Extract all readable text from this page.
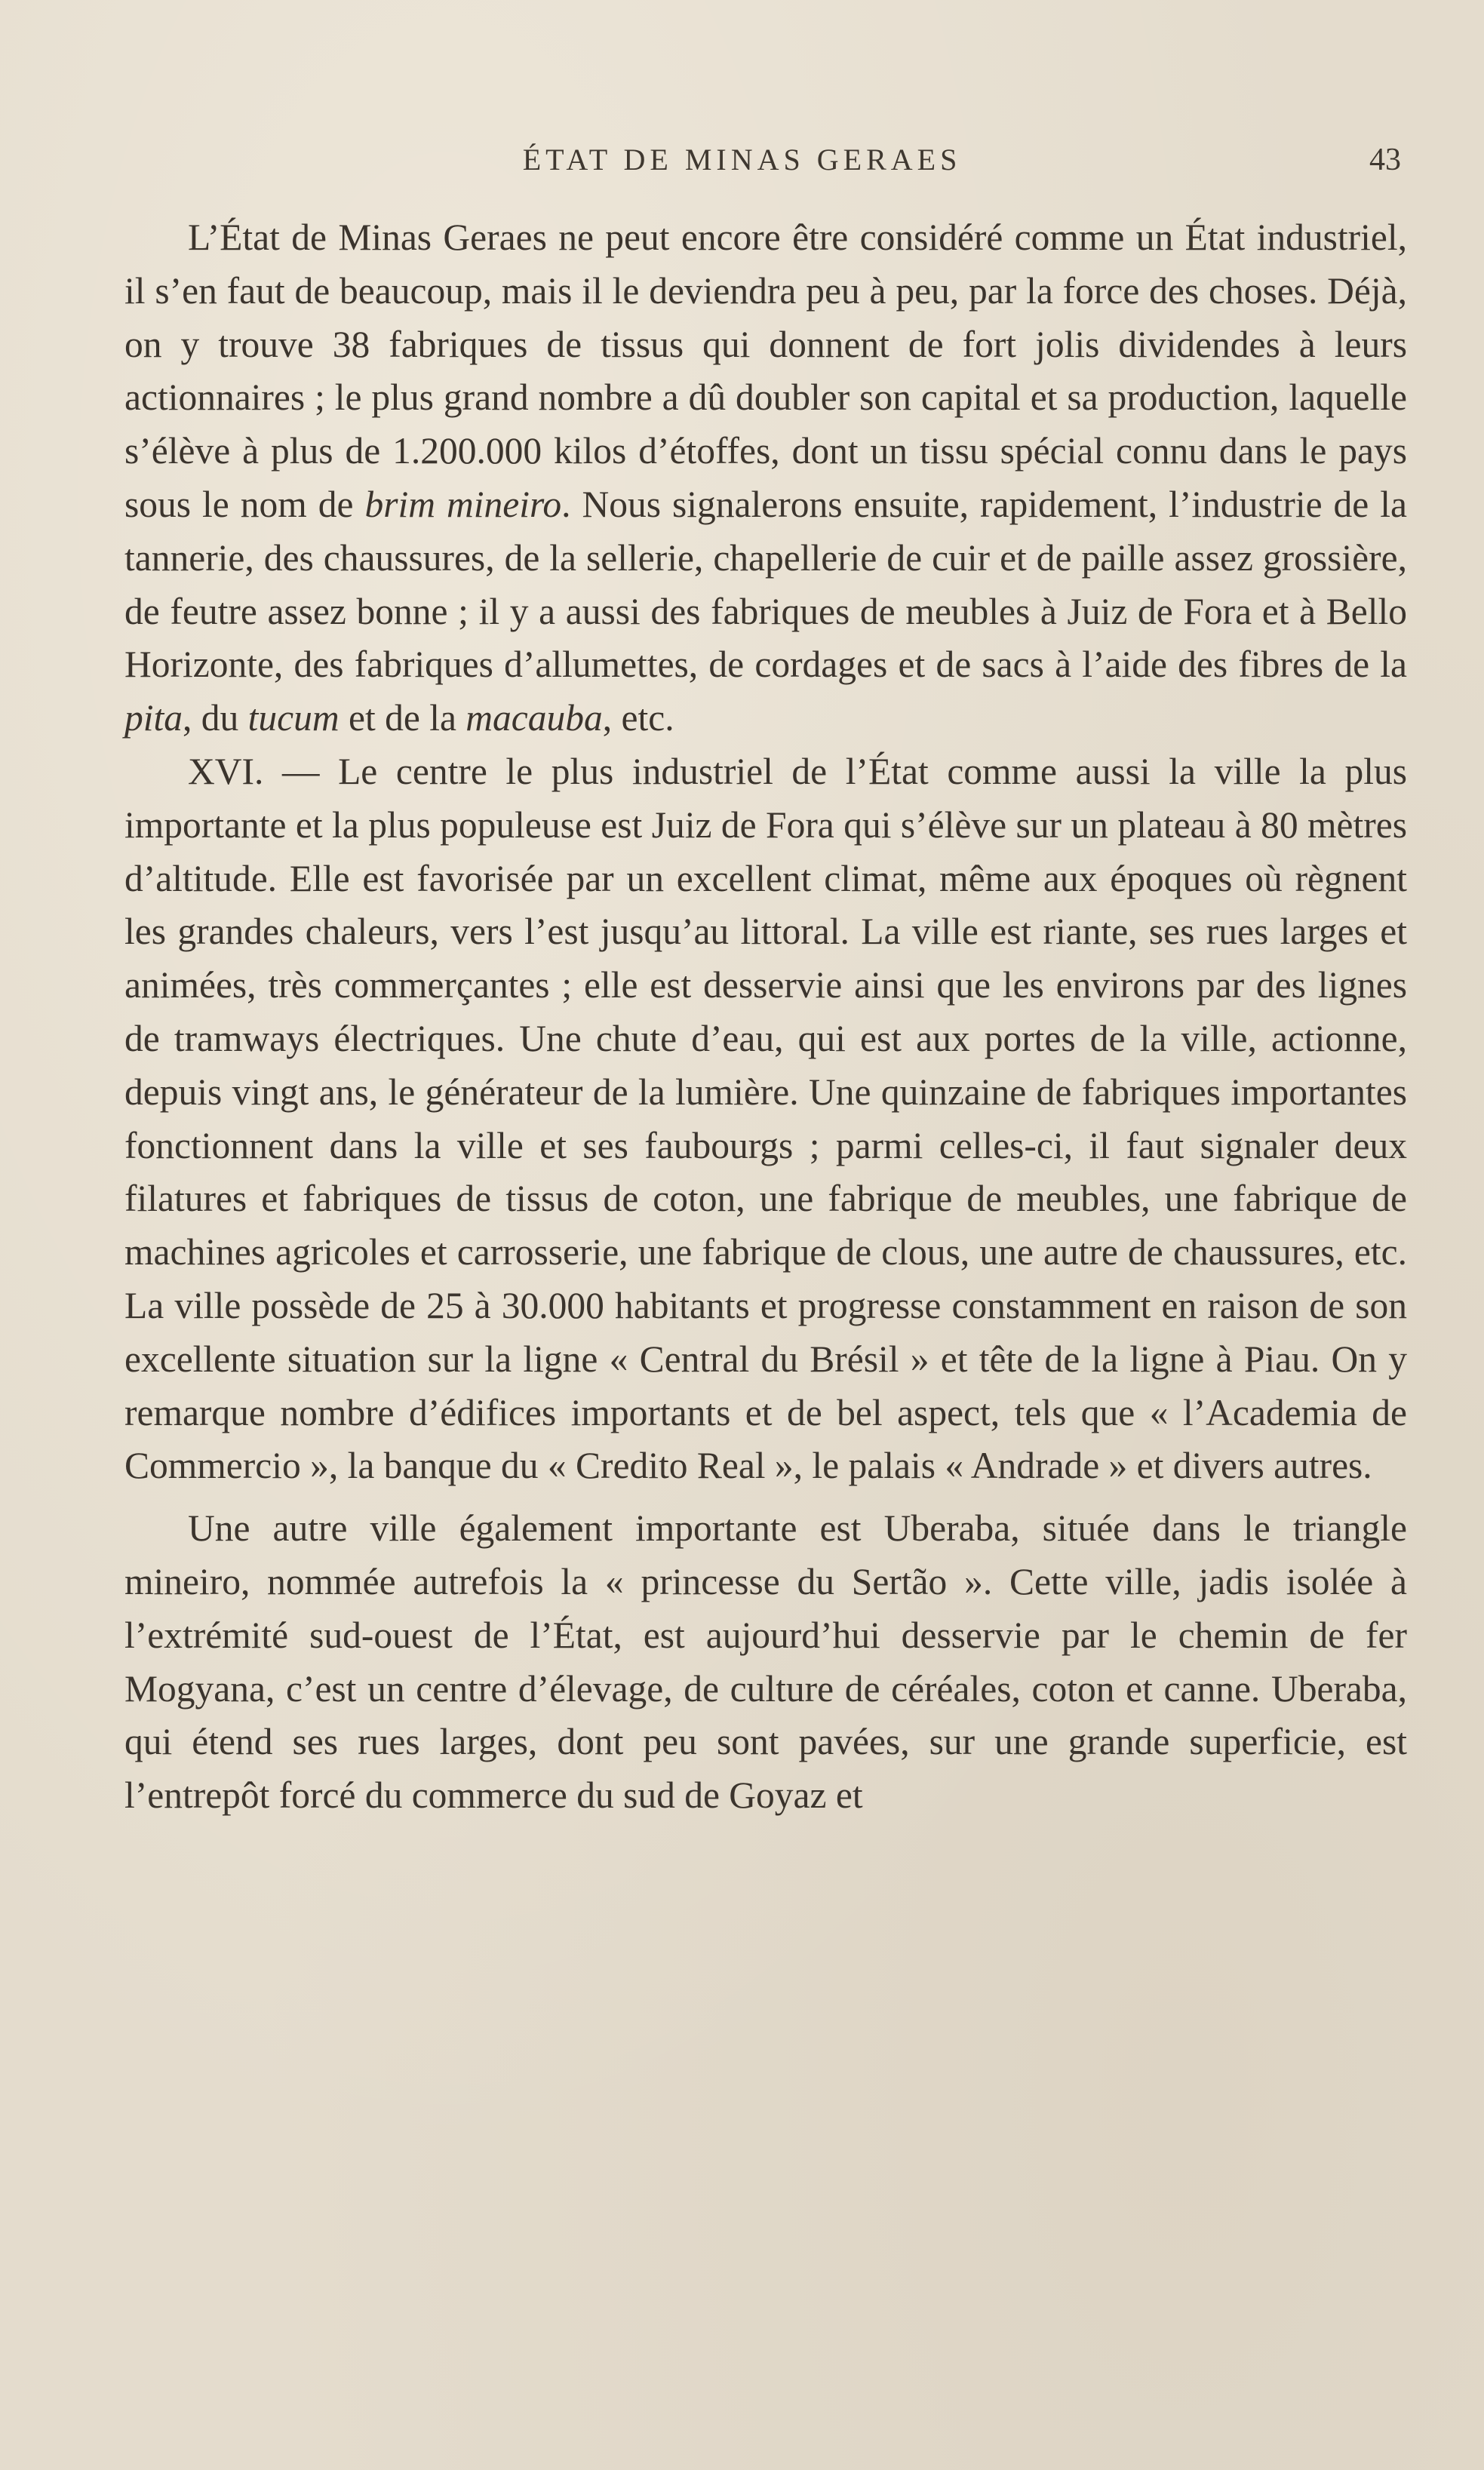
ÉTAT DE MINAS GERAES	43

L’État de Minas Geraes ne peut encore être considéré comme un État industriel, il s’en faut de beaucoup, mais il le deviendra peu à peu, par la force des choses. Déjà, on y trouve 38 fabriques de tissus qui donnent de fort jolis dividendes à leurs actionnaires ; le plus grand nombre a dû doubler son capital et sa production, laquelle s’élève à plus de 1.200.000 kilos d’étoffes, dont un tissu spécial connu dans le pays sous le nom de brim mineiro. Nous signalerons ensuite, rapidement, l’industrie de la tannerie, des chaussures, de la sellerie, chapellerie de cuir et de paille assez grossière, de feutre assez bonne ; il y a aussi des fabriques de meubles à Juiz de Fora et à Bello Horizonte, des fabriques d’allumettes, de cordages et de sacs à l’aide des fibres de la pita, du tucum et de la macauba, etc.

XVI. — Le centre le plus industriel de l’État comme aussi la ville la plus importante et la plus populeuse est Juiz de Fora qui s’élève sur un plateau à 80 mètres d’altitude. Elle est favorisée par un excellent climat, même aux époques où règnent les grandes chaleurs, vers l’est jusqu’au littoral. La ville est riante, ses rues larges et animées, très commerçantes ; elle est desservie ainsi que les environs par des lignes de tramways électriques. Une chute d’eau, qui est aux portes de la ville, actionne, depuis vingt ans, le générateur de la lumière. Une quinzaine de fabriques importantes fonctionnent dans la ville et ses faubourgs ; parmi celles-ci, il faut signaler deux filatures et fabriques de tissus de coton, une fabrique de meubles, une fabrique de machines agricoles et carrosserie, une fabrique de clous, une autre de chaussures, etc. La ville possède de 25 à 30.000 habitants et progresse constamment en raison de son excellente situation sur la ligne « Central du Brésil » et tête de la ligne à Piau. On y remarque nombre d’édifices importants et de bel aspect, tels que « l’Academia de Commercio », la banque du « Credito Real », le palais « Andrade » et divers autres.

Une autre ville également importante est Uberaba, située dans le triangle mineiro, nommée autrefois la « princesse du Sertão ». Cette ville, jadis isolée à l’extrémité sud-ouest de l’État, est aujourd’hui desservie par le chemin de fer Mogyana, c’est un centre d’élevage, de culture de céréales, coton et canne. Uberaba, qui étend ses rues larges, dont peu sont pavées, sur une grande superficie, est l’entrepôt forcé du commerce du sud de Goyaz et
